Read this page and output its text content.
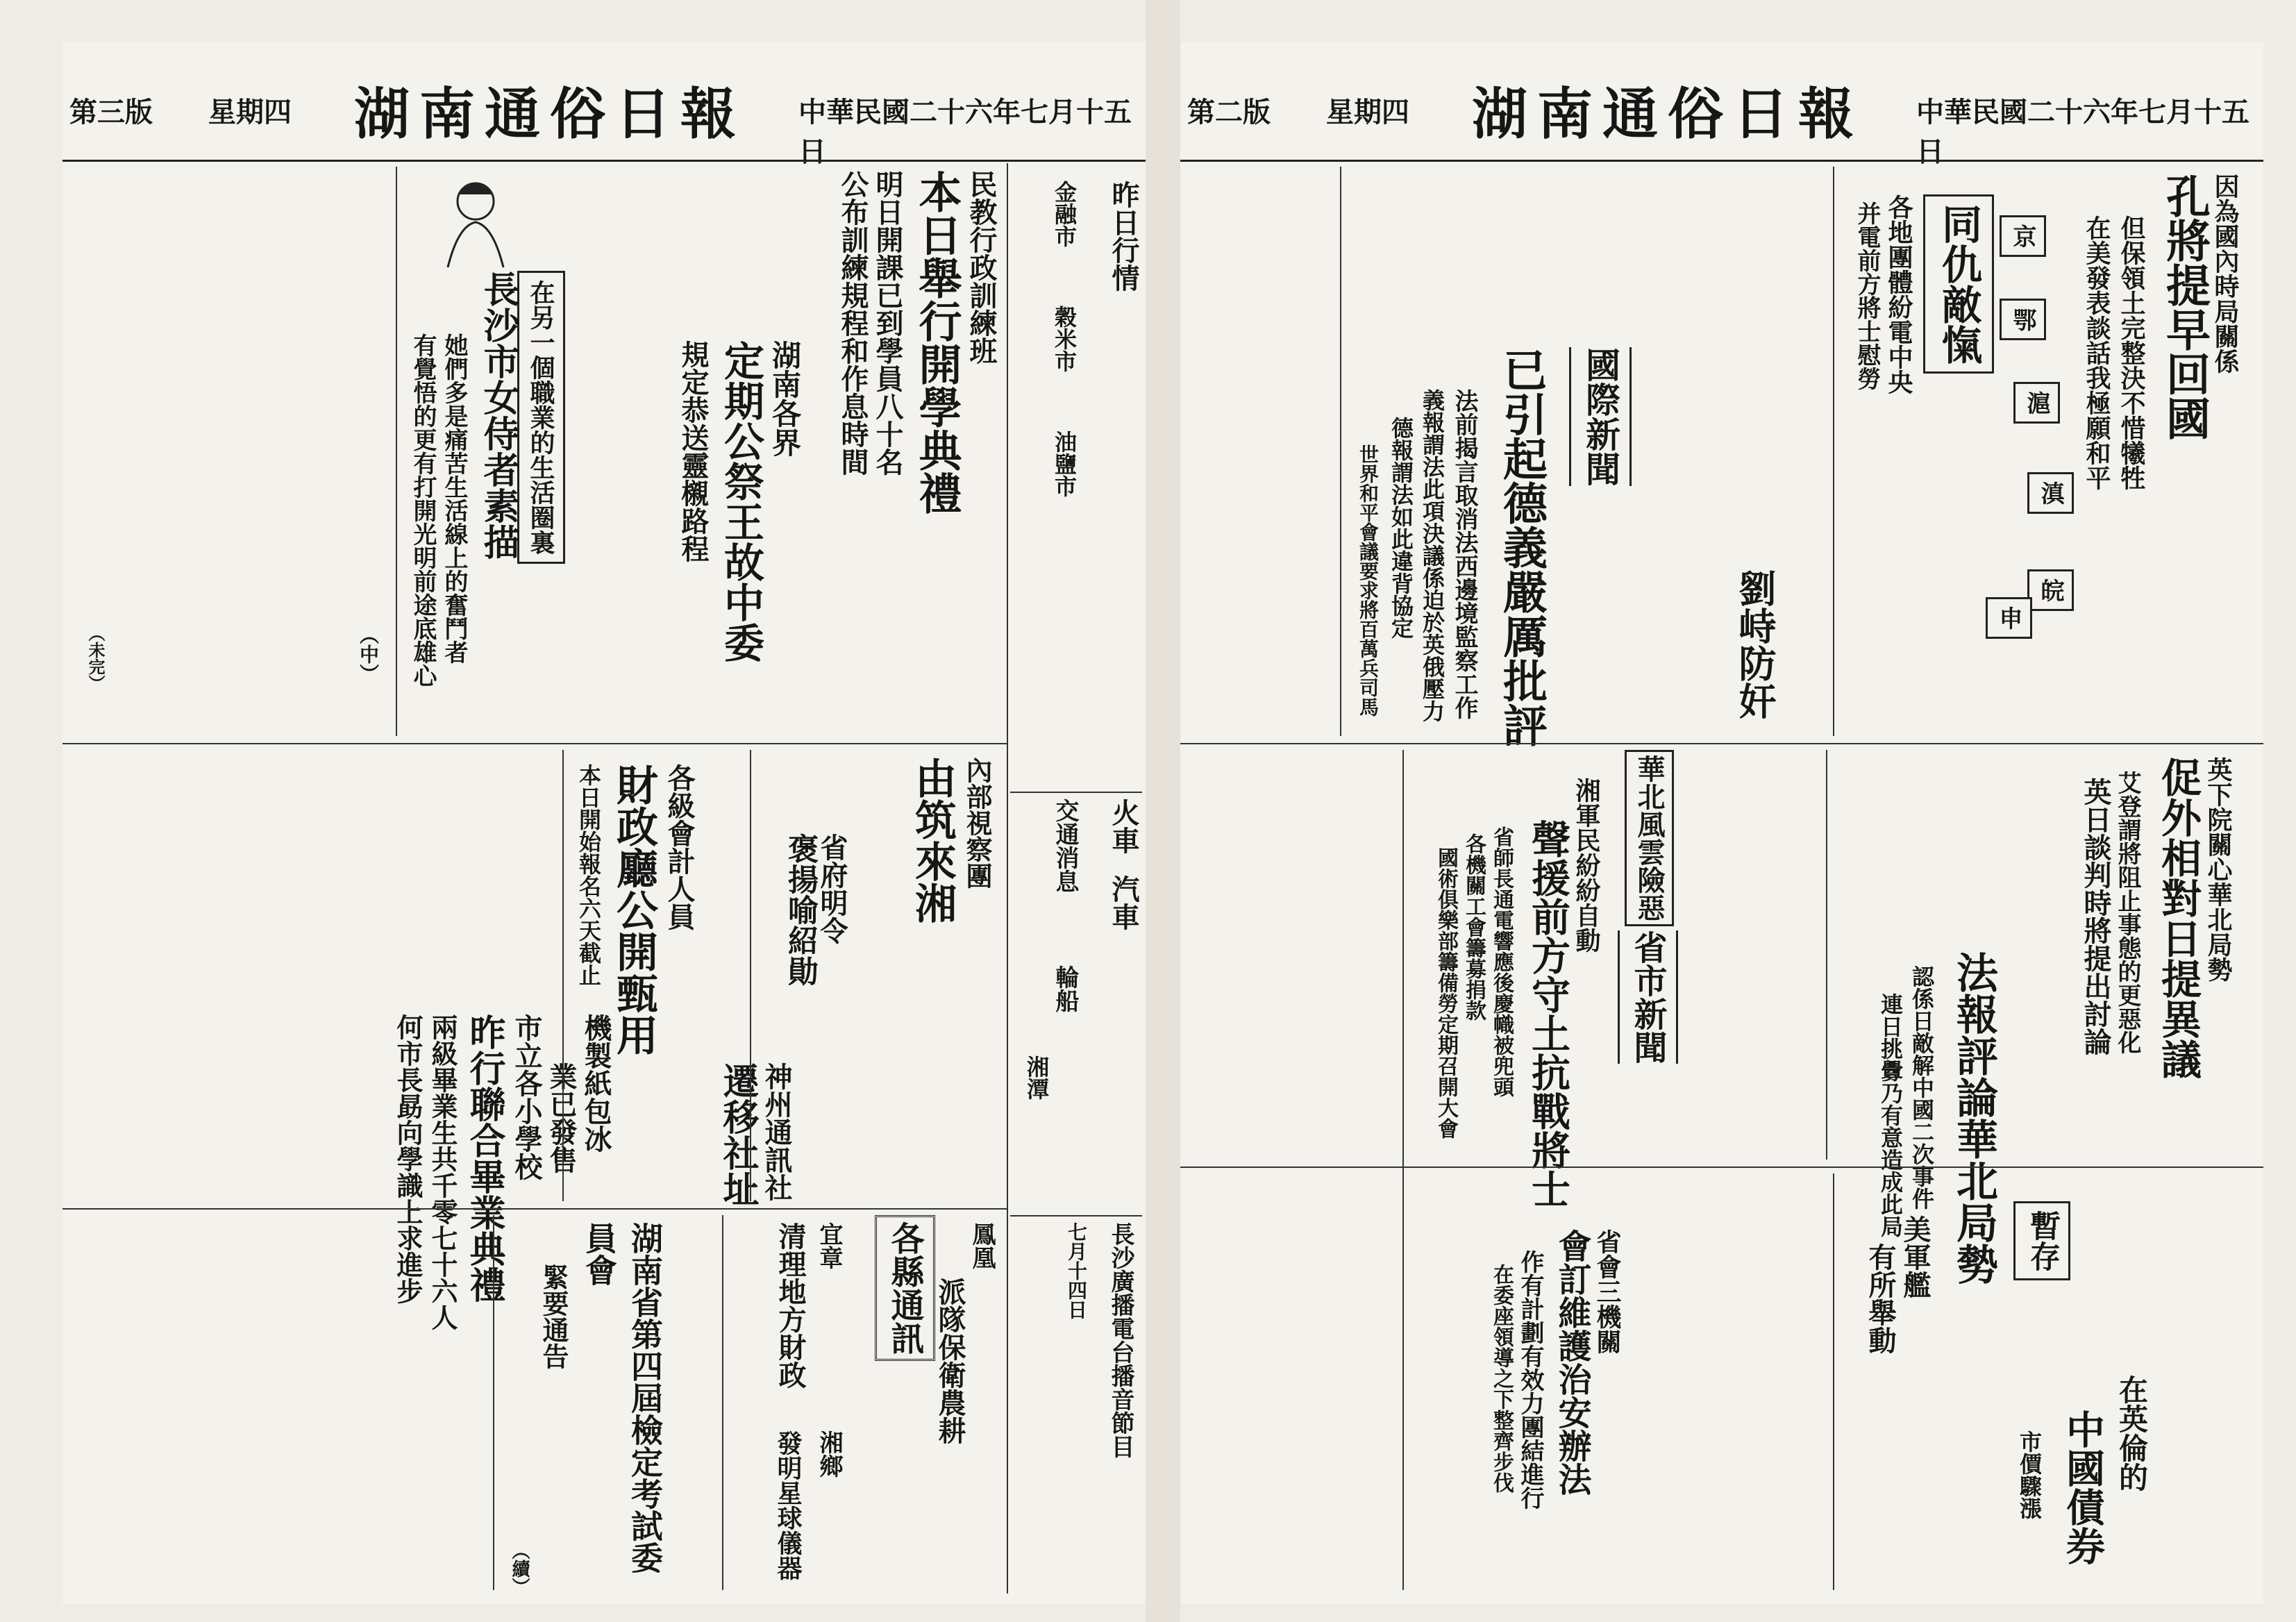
第三版 星期四 湖南通俗日報 中華民國二十六年七月十五日
昨日行情
金融市
穀米市
油鹽市

火車
汽車
交通消息
輪船
湘潭
長沙廣播電台播音節目
七月十四日
民教行政訓練班
本日舉行開學典禮
明日開課已到學員八十名
公布訓練規程和作息時間
湖南各界
定期公祭王故中委
規定恭送靈櫬路程
在另一個職業的生活圈裏
長沙市女侍者素描
她們多是痛苦生活線上的奮鬥者
有覺悟的更有打開光明前途底雄心
（中）
（未完）
內部視察團
由筑來湘
省府明令
褒揚喻紹勛
各級會計人員
財政廳公開甄用
本日開始報名六天截止
市立各小學校
昨行聯合畢業典禮
兩級畢業生共千零七十六人
何市長勗向學識上求進步	機製紙包冰
業已發售	神州通訊社
遷移社址
各縣通訊	鳳凰
派隊保衛農耕
宜章
清理地方財政
湘鄉
發明星球儀器
湖南省第四屆檢定考試委員會
緊要通告
（續）
第二版 星期四 湖南通俗日報 中華民國二十六年七月十五日
因為國內時局關係
孔將提早回國
但保領土完整決不惜犧牲
在美發表談話我極願和平
同仇敵愾
各地團體紛電中央
并電前方將士慰勞	京
鄂
滬
滇
皖
申
劉峙防奸
國際新聞
已引起德義嚴厲批評
法前揭言取消法西邊境監察工作
義報謂法此項決議係迫於英俄壓力
德報謂法如此違背協定
世界和平會議要求將百萬兵司馬
華北風雲險惡
省市新聞
湘軍民紛紛自動
聲援前方守土抗戰將士
省師長通電響應後慶幟被兜頭
各機關工會籌募捐款
國術俱樂部籌備勞定期召開大會
省會三機關
會訂維護治安辦法
作有計劃有效力團結進行
在委座領導之下整齊步伐
英下院關心華北局勢
促外相對日提異議
艾登謂將阻止事態的更惡化
英日談判時將提出討論
法報評論華北局勢
認係日敵解中國二次事件
連日挑釁乃有意造成此局
暫存
美軍艦
有所舉動
在英倫的
中國債券
市價驟漲
